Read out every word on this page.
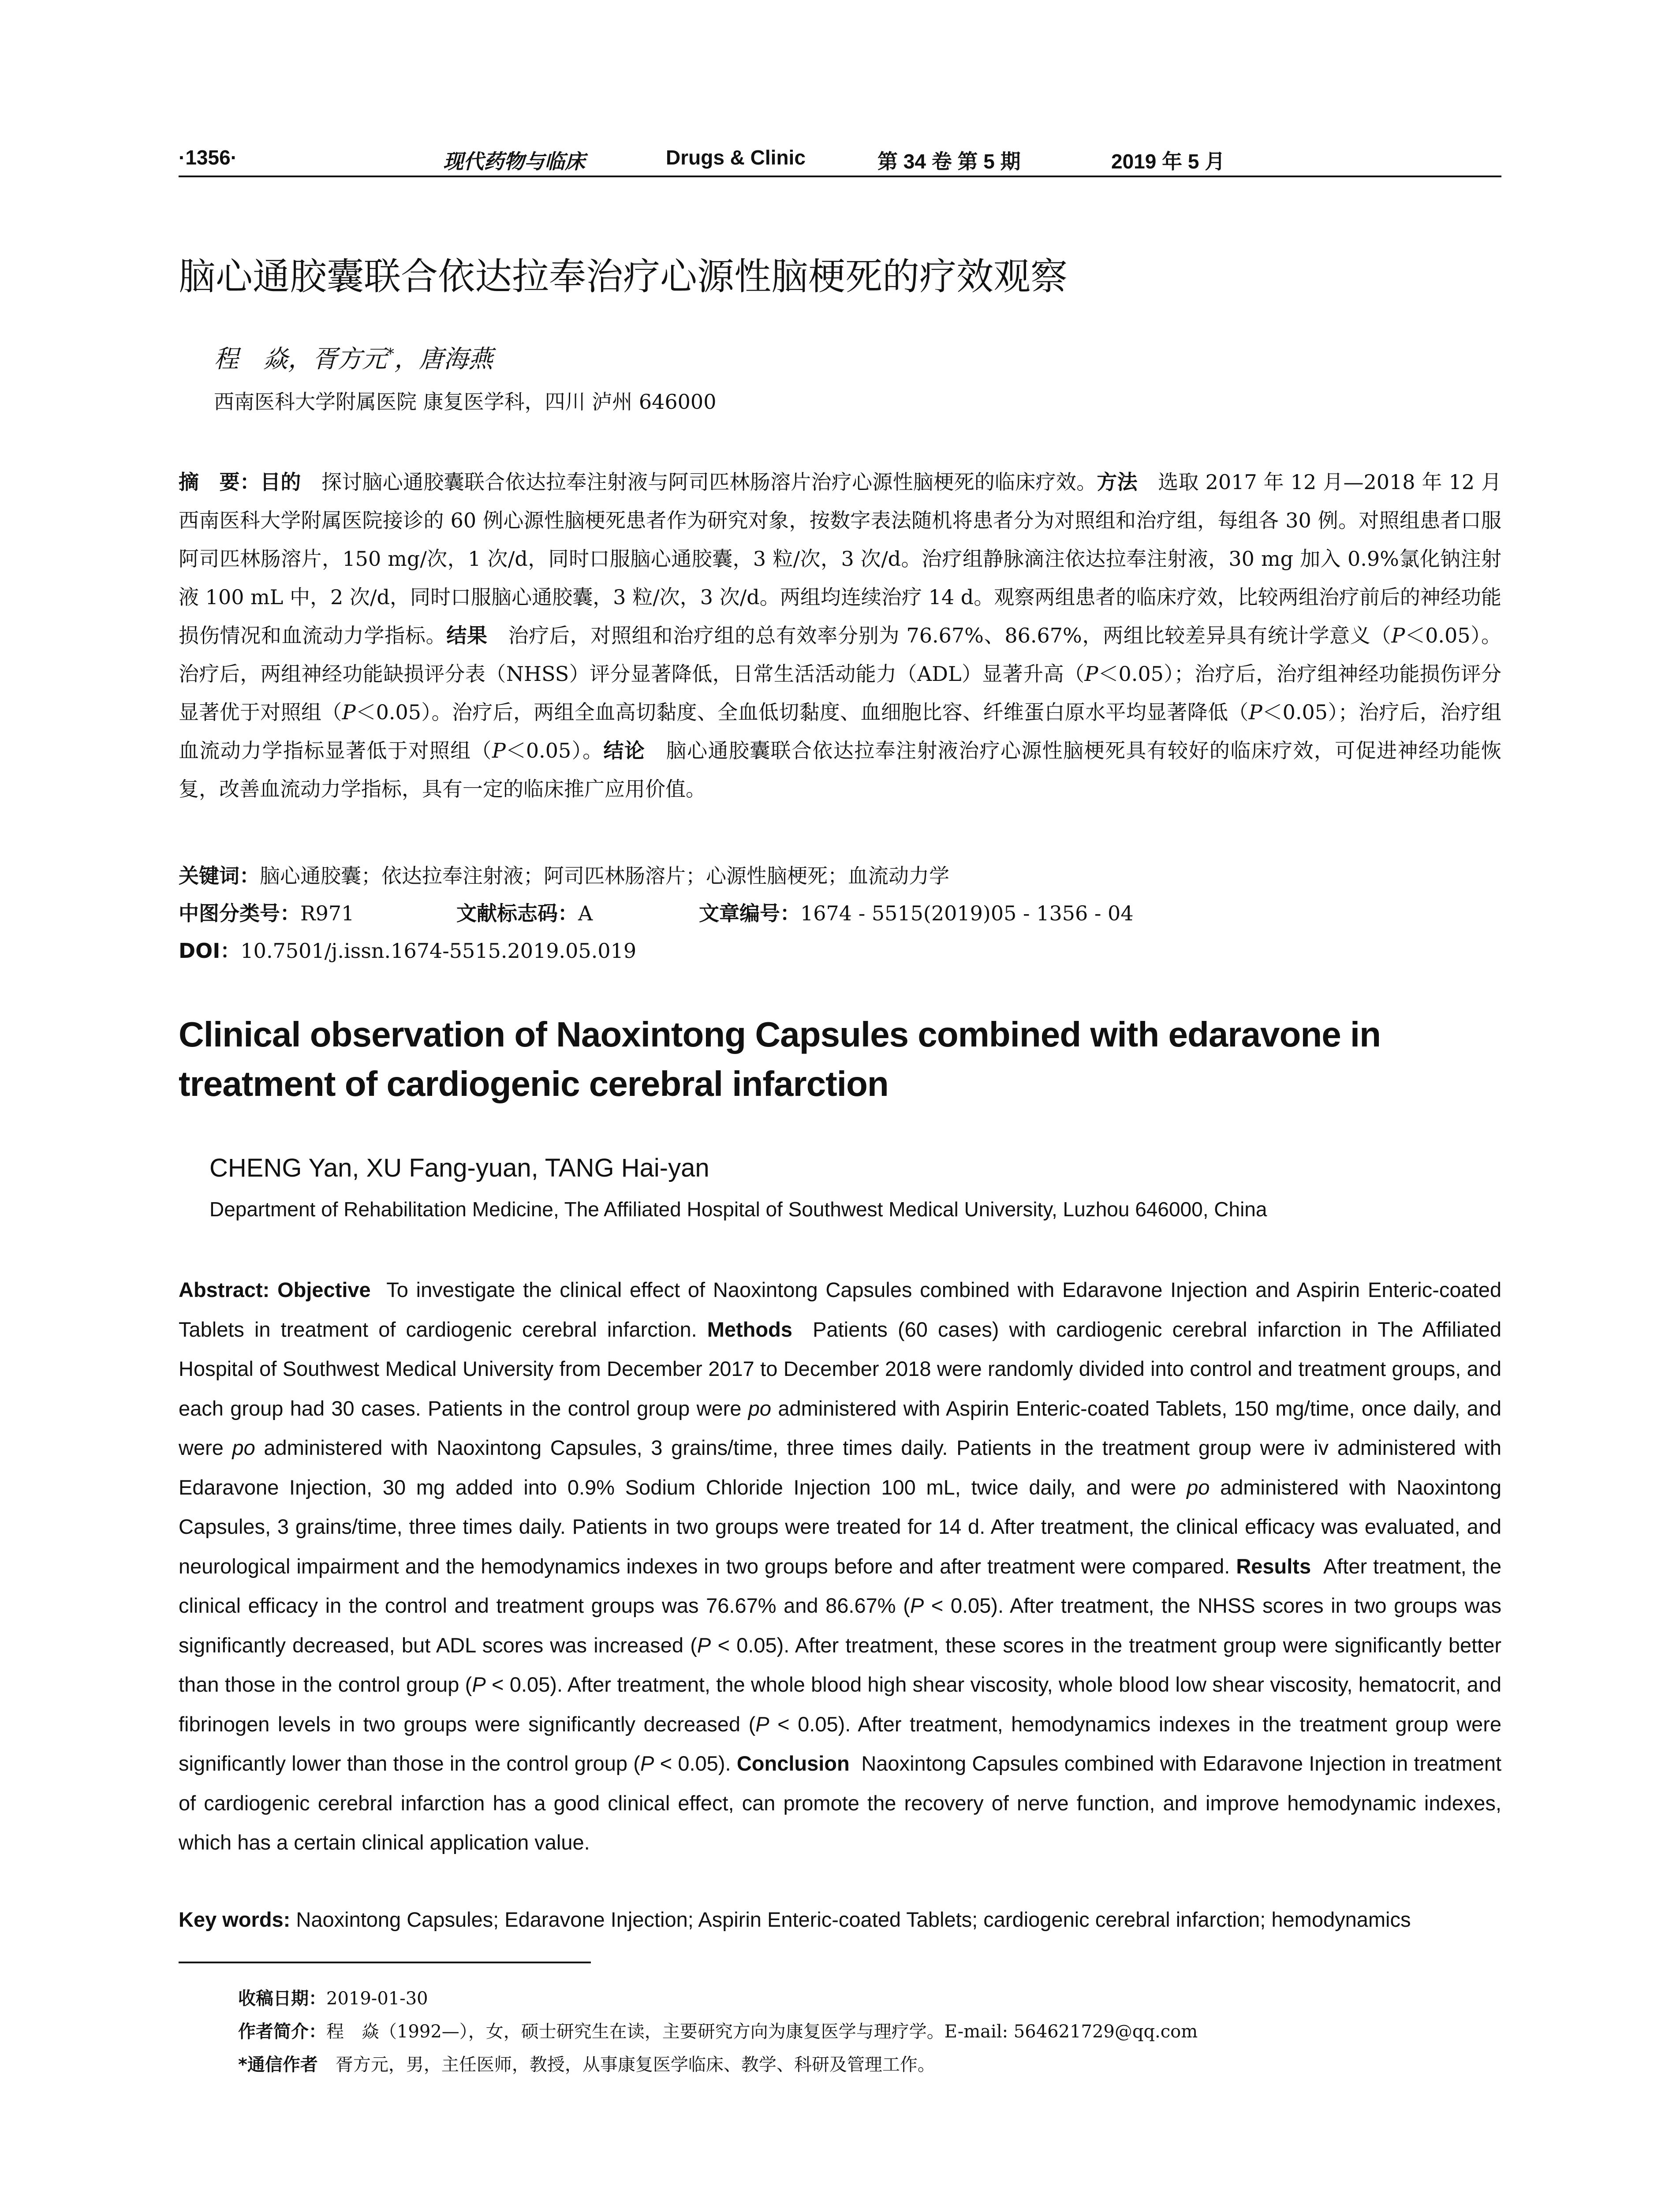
·1356·	现代药物与临床	Drugs & Clinic	第 34 卷 第 5 期	2019 年 5 月
脑心通胶囊联合依达拉奉治疗心源性脑梗死的疗效观察
程　焱，胥方元*，唐海燕
西南医科大学附属医院 康复医学科，四川 泸州 646000
摘　要：目的　 探讨脑心通胶囊联合依达拉奉注射液与阿司匹林肠溶片治疗心源性脑梗死的临床疗效。方法　 选取 2017 年 12 月—2018 年 12 月西南医科大学附属医院接诊的 60 例心源性脑梗死患者作为研究对象，按数字表法随机将患者分为对照组和治疗组，每组各 30 例。对照组患者口服阿司匹林肠溶片，150 mg/次，1 次/d，同时口服脑心通胶囊，3 粒/次，3 次/d。治疗组静脉滴注依达拉奉注射液，30 mg 加入 0.9%氯化钠注射液 100 mL 中，2 次/d，同时口服脑心通胶囊，3 粒/次，3 次/d。两组均连续治疗 14 d。观察两组患者的临床疗效，比较两组治疗前后的神经功能损伤情况和血流动力学指标。结果　 治疗后，对照组和治疗组的总有效率分别为 76.67%、86.67%，两组比较差异具有统计学意义（P＜0.05）。治疗后，两组神经功能缺损评分表（NHSS）评分显著降低，日常生活活动能力（ADL）显著升高（P＜0.05）；治疗后，治疗组神经功能损伤评分显著优于对照组（P＜0.05）。治疗后，两组全血高切黏度、全血低切黏度、血细胞比容、纤维蛋白原水平均显著降低（P＜0.05）；治疗后，治疗组血流动力学指标显著低于对照组（P＜0.05）。结论　 脑心通胶囊联合依达拉奉注射液治疗心源性脑梗死具有较好的临床疗效，可促进神经功能恢复，改善血流动力学指标，具有一定的临床推广应用价值。
关键词：脑心通胶囊；依达拉奉注射液；阿司匹林肠溶片；心源性脑梗死；血流动力学
中图分类号：R971	文献标志码：A	文章编号：1674 - 5515(2019)05 - 1356 - 04
DOI：10.7501/j.issn.1674-5515.2019.05.019
Clinical observation of Naoxintong Capsules combined with edaravone in treatment of cardiogenic cerebral infarction
CHENG Yan, XU Fang-yuan, TANG Hai-yan
Department of Rehabilitation Medicine, The Affiliated Hospital of Southwest Medical University, Luzhou 646000, China
Abstract: Objective To investigate the clinical effect of Naoxintong Capsules combined with Edaravone Injection and Aspirin Enteric-coated Tablets in treatment of cardiogenic cerebral infarction. Methods Patients (60 cases) with cardiogenic cerebral infarction in The Affiliated Hospital of Southwest Medical University from December 2017 to December 2018 were randomly divided into control and treatment groups, and each group had 30 cases. Patients in the control group were po administered with Aspirin Enteric-coated Tablets, 150 mg/time, once daily, and were po administered with Naoxintong Capsules, 3 grains/time, three times daily. Patients in the treatment group were iv administered with Edaravone Injection, 30 mg added into 0.9% Sodium Chloride Injection 100 mL, twice daily, and were po administered with Naoxintong Capsules, 3 grains/time, three times daily. Patients in two groups were treated for 14 d. After treatment, the clinical efficacy was evaluated, and neurological impairment and the hemodynamics indexes in two groups before and after treatment were compared. Results After treatment, the clinical efficacy in the control and treatment groups was 76.67% and 86.67% (P < 0.05). After treatment, the NHSS scores in two groups was significantly decreased, but ADL scores was increased (P < 0.05). After treatment, these scores in the treatment group were significantly better than those in the control group (P < 0.05). After treatment, the whole blood high shear viscosity, whole blood low shear viscosity, hematocrit, and fibrinogen levels in two groups were significantly decreased (P < 0.05). After treatment, hemodynamics indexes in the treatment group were significantly lower than those in the control group (P < 0.05). Conclusion Naoxintong Capsules combined with Edaravone Injection in treatment of cardiogenic cerebral infarction has a good clinical effect, can promote the recovery of nerve function, and improve hemodynamic indexes, which has a certain clinical application value.
Key words: Naoxintong Capsules; Edaravone Injection; Aspirin Enteric-coated Tablets; cardiogenic cerebral infarction; hemodynamics
收稿日期：2019-01-30
作者简介：程　焱（1992—），女，硕士研究生在读，主要研究方向为康复医学与理疗学。E-mail: 564621729@qq.com
*通信作者　胥方元，男，主任医师，教授，从事康复医学临床、教学、科研及管理工作。
